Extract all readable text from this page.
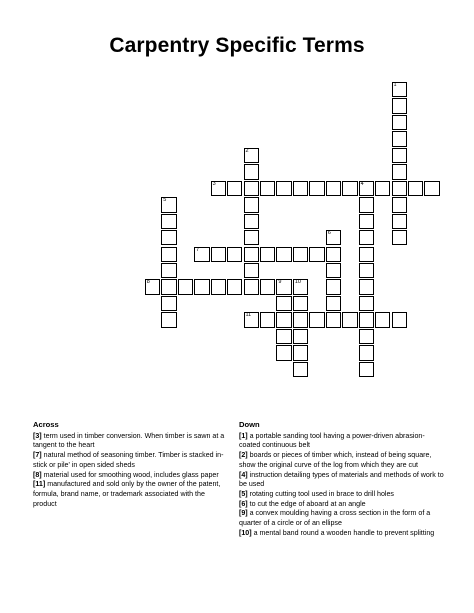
Carpentry Specific Terms
1
2
3	4
5
6
7
8	9 10
11
Across

[3] term used in timber conversion. When timber is sawn at a tangent to the heart

[7] natural method of seasoning timber. Timber is stacked in-stick or pile' in open sided sheds

[8] material used for smoothing wood, includes glass paper

[11] manufactured and sold only by the owner of the patent, formula, brand name, or trademark associated with the product

Down

[1] a portable sanding tool having a power-driven abrasion-coated continuous belt

[2] boards or pieces of timber which, instead of being square, show the original curve of the log from which they are cut

[4] instruction detailing types of materials and methods of work to be used

[5] rotating cutting tool used in brace to drill holes

[6] to cut the edge of aboard at an angle

[9] a convex moulding having a cross section in the form of a quarter of a circle or of an ellipse

[10] a mental band round a wooden handle to prevent splitting
